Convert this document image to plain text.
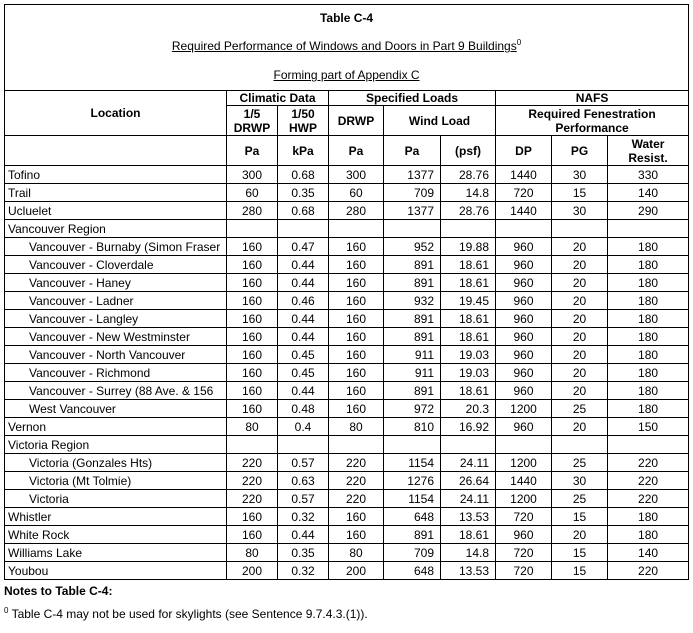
Table C-4								
Required Performance of Windows and Doors in Part 9 Buildings$^0$
Forming part of Appendix C								
Location	Climatic Data		Specified Loads			NAFS		
	1/5 DRWP	1/50 HWP	DRWP	Wind Load		Required Fenestration Performance		
	Pa	kPa	Pa	Pa	(psf)	DP	PG	Water Resist.
Tofino	300	0.68	300	1377	28.76	1440	30	330
Trail	60	0.35	60	709	14.8	720	15	140
Ucluelet	280	0.68	280	1377	28.76	1440	30	290
Vancouver Region								
Vancouver - Burnaby (Simon Fraser	160	0.47	160	952	19.88	960	20	180
Vancouver - Cloverdale	160	0.44	160	891	18.61	960	20	180
Vancouver - Haney	160	0.44	160	891	18.61	960	20	180
Vancouver - Ladner	160	0.46	160	932	19.45	960	20	180
Vancouver - Langley	160	0.44	160	891	18.61	960	20	180
Vancouver - New Westminster	160	0.44	160	891	18.61	960	20	180
Vancouver - North Vancouver	160	0.45	160	911	19.03	960	20	180
Vancouver - Richmond	160	0.45	160	911	19.03	960	20	180
Vancouver - Surrey (88 Ave. & 156	160	0.44	160	891	18.61	960	20	180
West Vancouver	160	0.48	160	972	20.3	1200	25	180
Vernon	80	0.4	80	810	16.92	960	20	150
Victoria Region								
Victoria (Gonzales Hts)	220	0.57	220	1154	24.11	1200	25	220
Victoria (Mt Tolmie)	220	0.63	220	1276	26.64	1440	30	220
Victoria	220	0.57	220	1154	24.11	1200	25	220
Whistler	160	0.32	160	648	13.53	720	15	180
White Rock	160	0.44	160	891	18.61	960	20	180
Williams Lake	80	0.35	80	709	14.8	720	15	140
Youbou	200	0.32	200	648	13.53	720	15	220
Notes to Table C-4:
$^0$ Table C-4 may not be used for skylights (see Sentence 9.7.4.3.(1)).
